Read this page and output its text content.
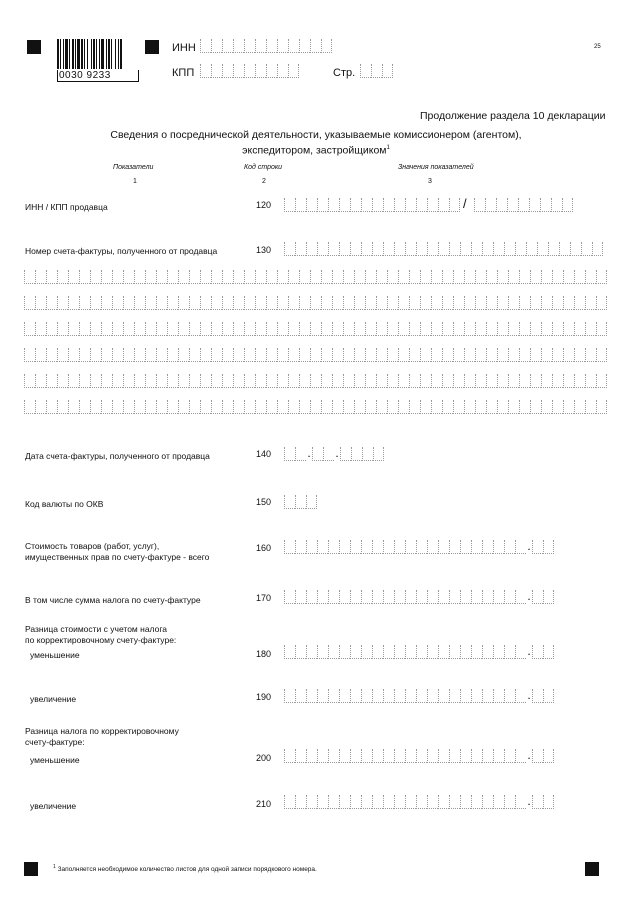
0030 9233
ИНН
КПП	Стр.
25
Продолжение раздела 10 декларации
Сведения о посреднической деятельности, указываемые комиссионером (агентом),
экспедитором, застройщиком$^1$
Показатели	Код строки	Значения показателей
1	2	3
ИНН / КПП продавца	120	/
Номер счета-фактуры, полученного от продавца	130
Дата счета-фактуры, полученного от продавца	140	. .
Код валюты по ОКВ	150
Стоимость товаров (работ, услуг),
имущественных прав по счету-фактуре - всего
160	.
В том числе сумма налога по счету-фактуре	170	.
Разница стоимости с учетом налога
по корректировочному счету-фактуре:
уменьшение	180	.
увеличение	190	.
Разница налога по корректировочному
счету-фактуре:
уменьшение	200	.
увеличение	210	.
$^1$ Заполняется необходимое количество листов для одной записи порядкового номера.
